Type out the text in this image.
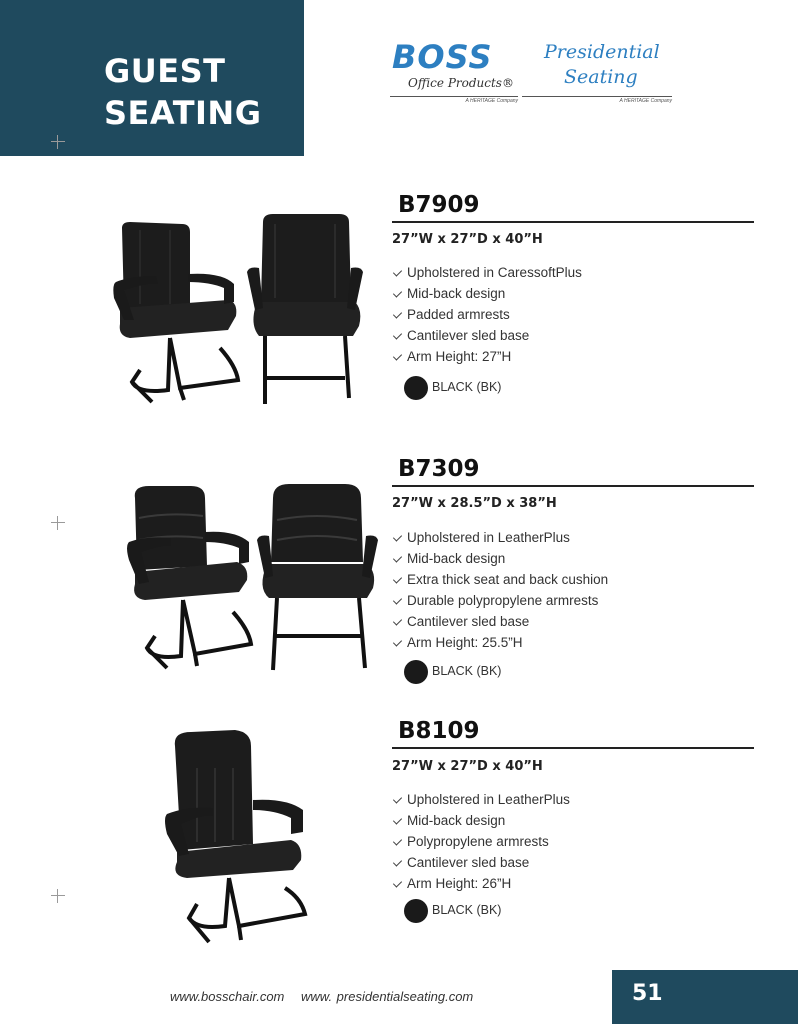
GUEST
SEATING
BOSS
Office Products®
A HERITAGE Company
Presidential
Seating
A HERITAGE Company
B7909
27”W x 27”D x 40”H
Upholstered in CaressoftPlus
Mid-back design
Padded armrests
Cantilever sled base
Arm Height: 27”H
BLACK (BK)
B7309
27”W x 28.5”D x 38”H
Upholstered in LeatherPlus
Mid-back design
Extra thick seat and back cushion
Durable polypropylene armrests
Cantilever sled base
Arm Height: 25.5”H
BLACK (BK)
B8109
27”W x 27”D x 40”H
Upholstered in LeatherPlus
Mid-back design
Polypropylene armrests
Cantilever sled base
Arm Height: 26”H
BLACK (BK)
www.bosschair.com www. presidentialseating.com	51
